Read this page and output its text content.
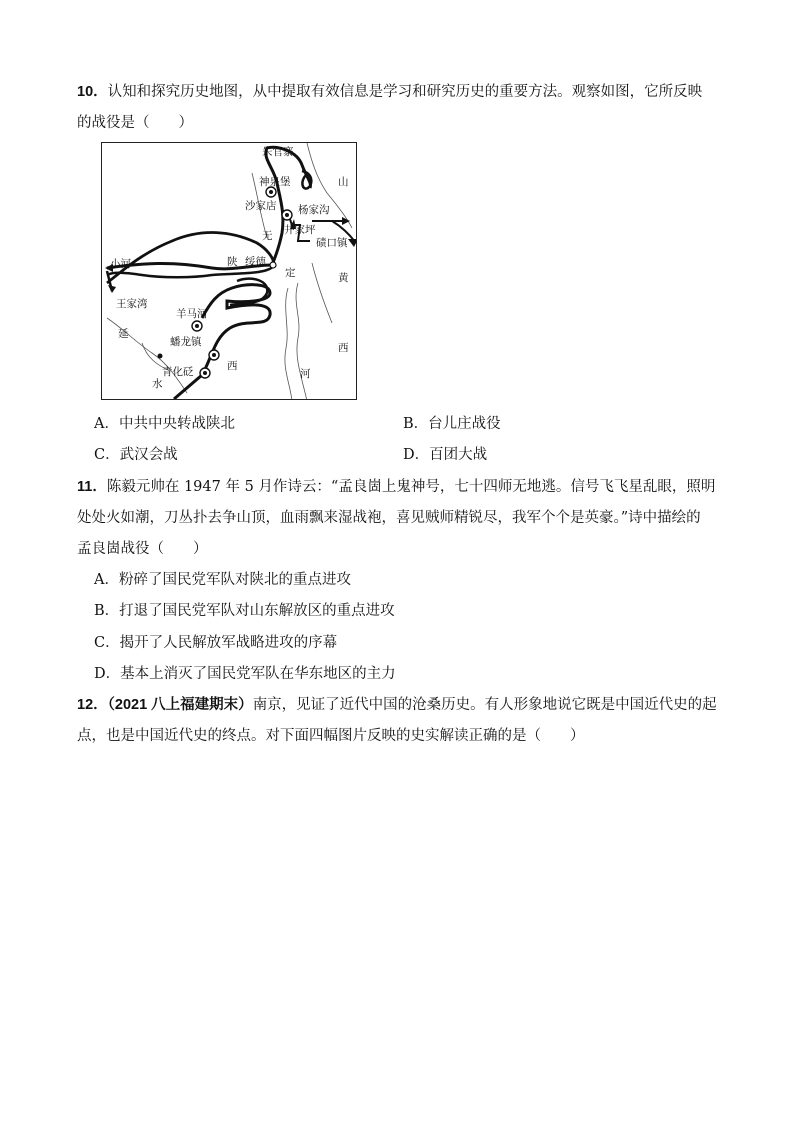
10．认知和探究历史地图，从中提取有效信息是学习和研究历史的重要方法。观察如图，它所反映
的战役是（　　）
朱官寨
山
神泉堡
沙家店 杨家沟
井家坪
碛口镇
无
小河	陕 绥德
定	黄
王家湾
羊马河
延
西
蟠龙镇
西
青化砭
水
河
A．中共中央转战陕北	B．台儿庄战役
C．武汉会战	D．百团大战
11．陈毅元帅在 1947 年 5 月作诗云：“孟良崮上鬼神号，七十四师无地逃。信号飞飞星乱眼，照明
处处火如潮，刀丛扑去争山顶，血雨飘来湿战袍，喜见贼师精锐尽，我军个个是英豪。”诗中描绘的
孟良崮战役（　　）
A．粉碎了国民党军队对陕北的重点进攻
B．打退了国民党军队对山东解放区的重点进攻
C．揭开了人民解放军战略进攻的序幕
D．基本上消灭了国民党军队在华东地区的主力
12．（2021 八上福建期末）南京，见证了近代中国的沧桑历史。有人形象地说它既是中国近代史的起
点，也是中国近代史的终点。对下面四幅图片反映的史实解读正确的是（　　）
